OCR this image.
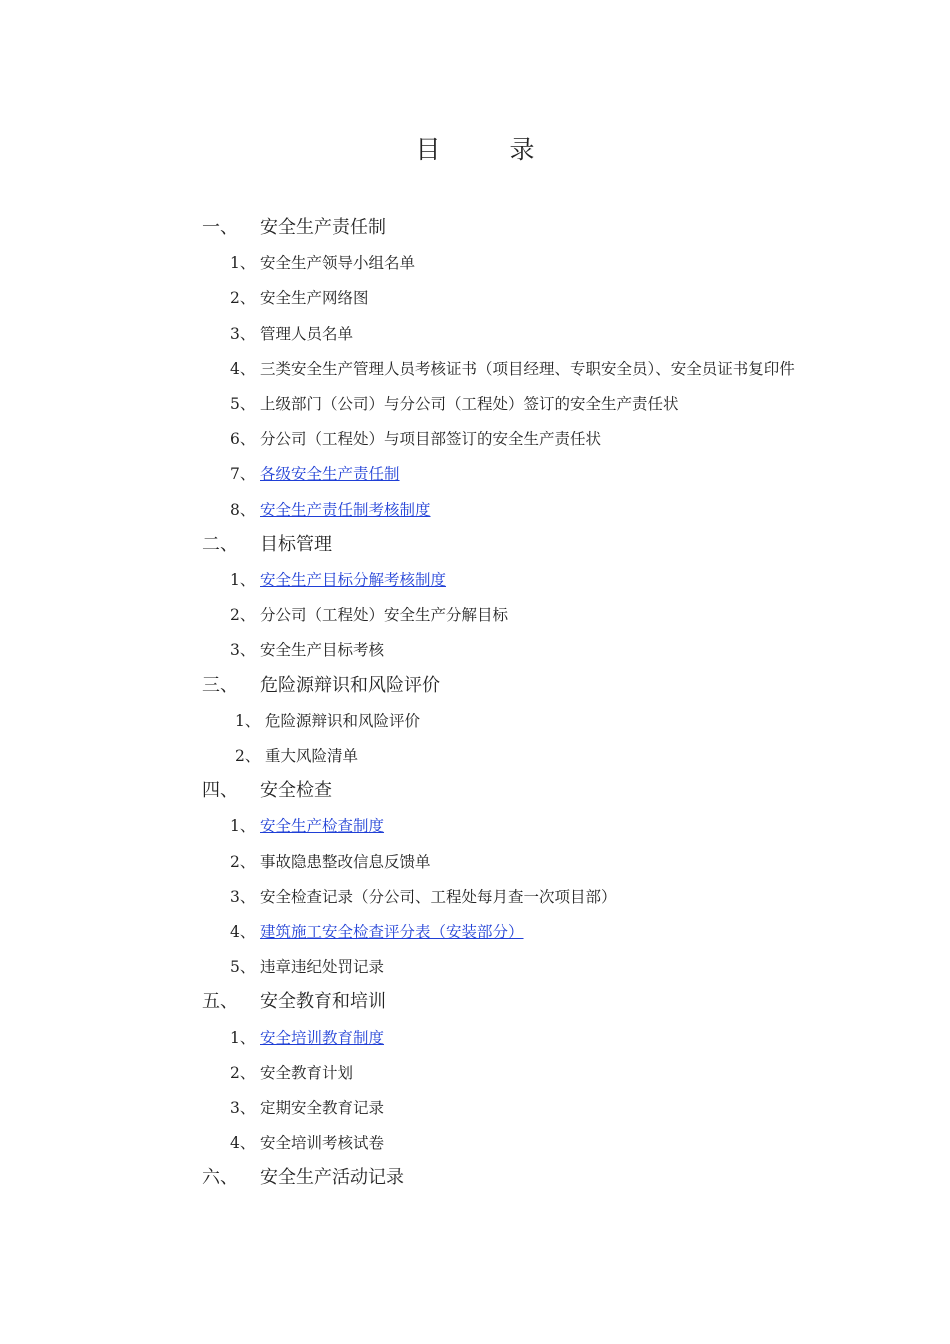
目　录
一、 安全生产责任制
1、 安全生产领导小组名单
2、 安全生产网络图
3、 管理人员名单
4、 三类安全生产管理人员考核证书（项目经理、专职安全员）、安全员证书复印件
5、 上级部门（公司）与分公司（工程处）签订的安全生产责任状
6、 分公司（工程处）与项目部签订的安全生产责任状
7、 各级安全生产责任制
8、 安全生产责任制考核制度
二、 目标管理
1、 安全生产目标分解考核制度
2、 分公司（工程处）安全生产分解目标
3、 安全生产目标考核
三、 危险源辩识和风险评价
1、 危险源辩识和风险评价
2、 重大风险清单
四、 安全检查
1、 安全生产检查制度
2、 事故隐患整改信息反馈单
3、 安全检查记录（分公司、工程处每月查一次项目部）
4、 建筑施工安全检查评分表（安装部分）
5、 违章违纪处罚记录
五、 安全教育和培训
1、 安全培训教育制度
2、 安全教育计划
3、 定期安全教育记录
4、 安全培训考核试卷
六、 安全生产活动记录
